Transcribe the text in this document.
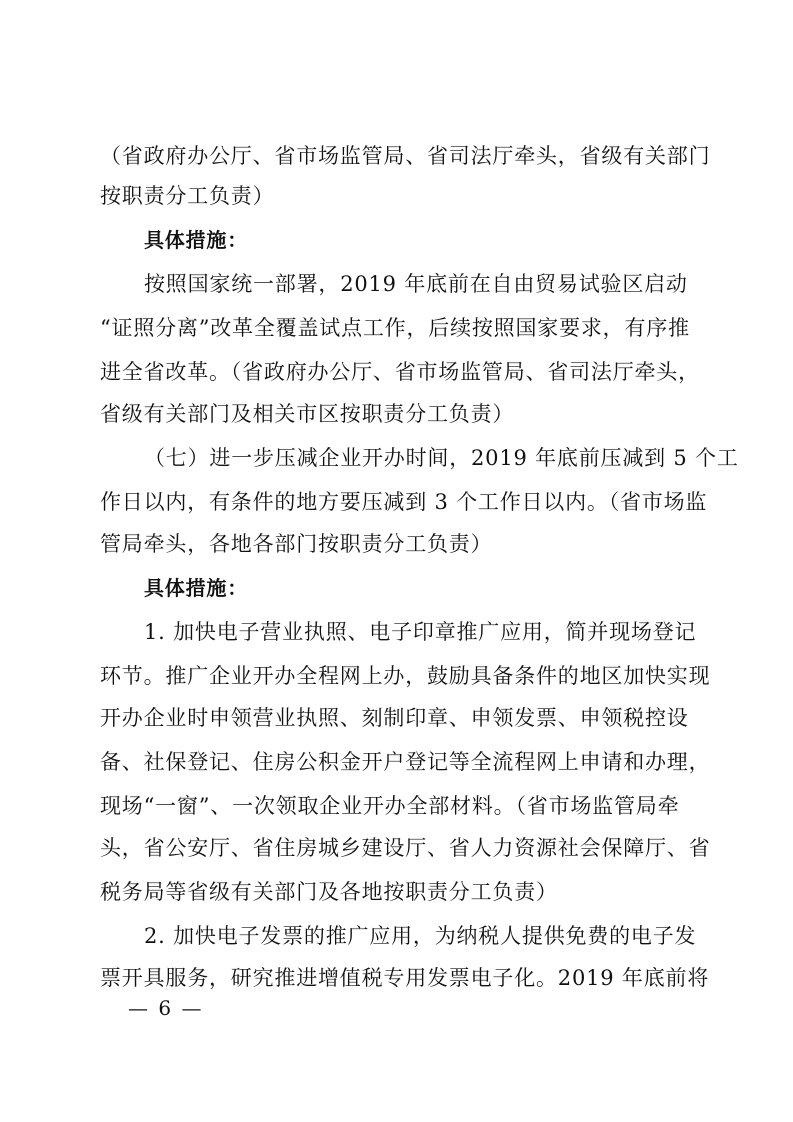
（省政府办公厅、省市场监管局、省司法厅牵头，省级有关部门
按职责分工负责）
具体措施：
按照国家统一部署，2019 年底前在自由贸易试验区启动
“证照分离”改革全覆盖试点工作，后续按照国家要求，有序推
进全省改革。（省政府办公厅、省市场监管局、省司法厅牵头，
省级有关部门及相关市区按职责分工负责）
（七）进一步压减企业开办时间，2019 年底前压减到 5 个工
作日以内，有条件的地方要压减到 3 个工作日以内。（省市场监
管局牵头，各地各部门按职责分工负责）
具体措施：
1. 加快电子营业执照、电子印章推广应用，简并现场登记
环节。推广企业开办全程网上办，鼓励具备条件的地区加快实现
开办企业时申领营业执照、刻制印章、申领发票、申领税控设
备、社保登记、住房公积金开户登记等全流程网上申请和办理，
现场“一窗”、一次领取企业开办全部材料。（省市场监管局牵
头，省公安厅、省住房城乡建设厅、省人力资源社会保障厅、省
税务局等省级有关部门及各地按职责分工负责）
2. 加快电子发票的推广应用，为纳税人提供免费的电子发
票开具服务，研究推进增值税专用发票电子化。2019 年底前将
— 6 —
